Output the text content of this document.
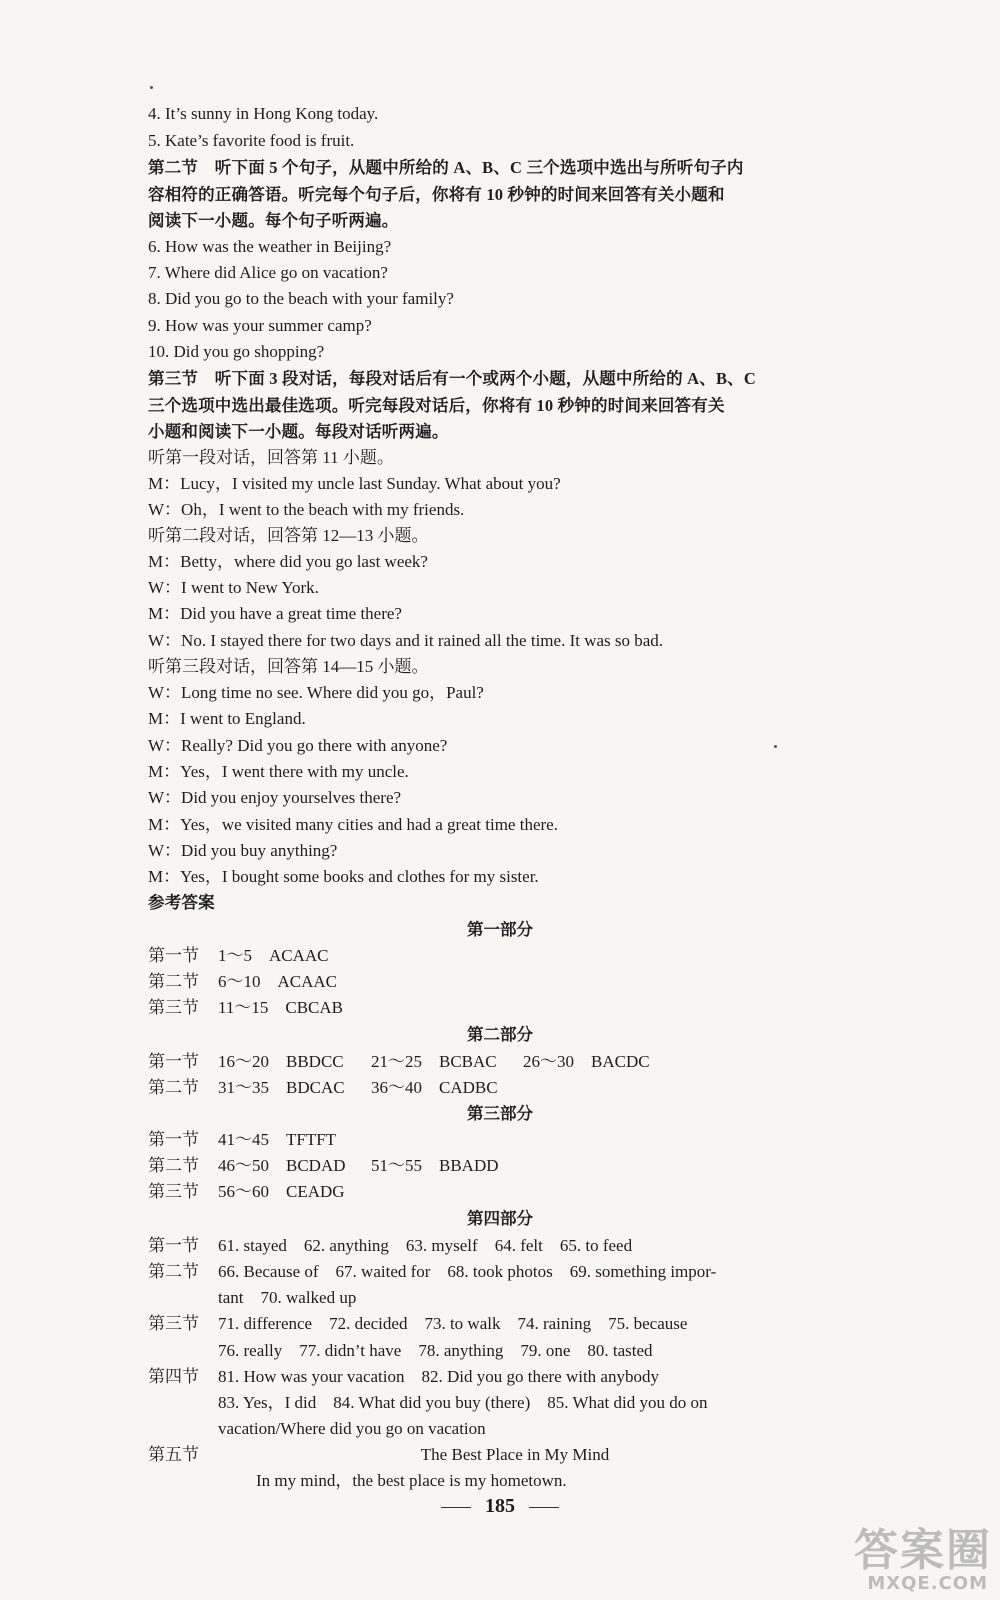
4. It’s sunny in Hong Kong today.
5. Kate’s favorite food is fruit.
第二节　听下面 5 个句子，从题中所给的 A、B、C 三个选项中选出与所听句子内
容相符的正确答语。听完每个句子后，你将有 10 秒钟的时间来回答有关小题和
阅读下一小题。每个句子听两遍。
6. How was the weather in Beijing?
7. Where did Alice go on vacation?
8. Did you go to the beach with your family?
9. How was your summer camp?
10. Did you go shopping?
第三节　听下面 3 段对话，每段对话后有一个或两个小题，从题中所给的 A、B、C
三个选项中选出最佳选项。听完每段对话后，你将有 10 秒钟的时间来回答有关
小题和阅读下一小题。每段对话听两遍。
听第一段对话，回答第 11 小题。
M：Lucy，I visited my uncle last Sunday. What about you?
W：Oh，I went to the beach with my friends.
听第二段对话，回答第 12—13 小题。
M：Betty，where did you go last week?
W：I went to New York.
M：Did you have a great time there?
W：No. I stayed there for two days and it rained all the time. It was so bad.
听第三段对话，回答第 14—15 小题。
W：Long time no see. Where did you go，Paul?
M：I went to England.
W：Really? Did you go there with anyone?
M：Yes，I went there with my uncle.
W：Did you enjoy yourselves there?
M：Yes，we visited many cities and had a great time there.
W：Did you buy anything?
M：Yes，I bought some books and clothes for my sister.
参考答案
第一部分
第一节 1～5　ACAAC
第二节 6～10　ACAAC
第三节 11～15　CBCAB
第二部分
第一节 16～20　BBDCC 21～25　BCBAC 26～30　BACDC
第二节 31～35　BDCAC 36～40　CADBC
第三部分
第一节 41～45　TFTFT
第二节 46～50　BCDAD 51～55　BBADD
第三节 56～60　CEADG
第四部分
第一节 61. stayed　62. anything　63. myself　64. felt　65. to feed
第二节 66. Because of　67. waited for　68. took photos　69. something impor-
tant　70. walked up
第三节 71. difference　72. decided　73. to walk　74. raining　75. because
76. really　77. didn’t have　78. anything　79. one　80. tasted
第四节 81. How was your vacation　82. Did you go there with anybody
83. Yes，I did　84. What did you buy (there)　85. What did you do on
vacation/Where did you go on vacation
第五节	The Best Place in My Mind
In my mind，the best place is my hometown.
185
答案圈
MXQE.COM
